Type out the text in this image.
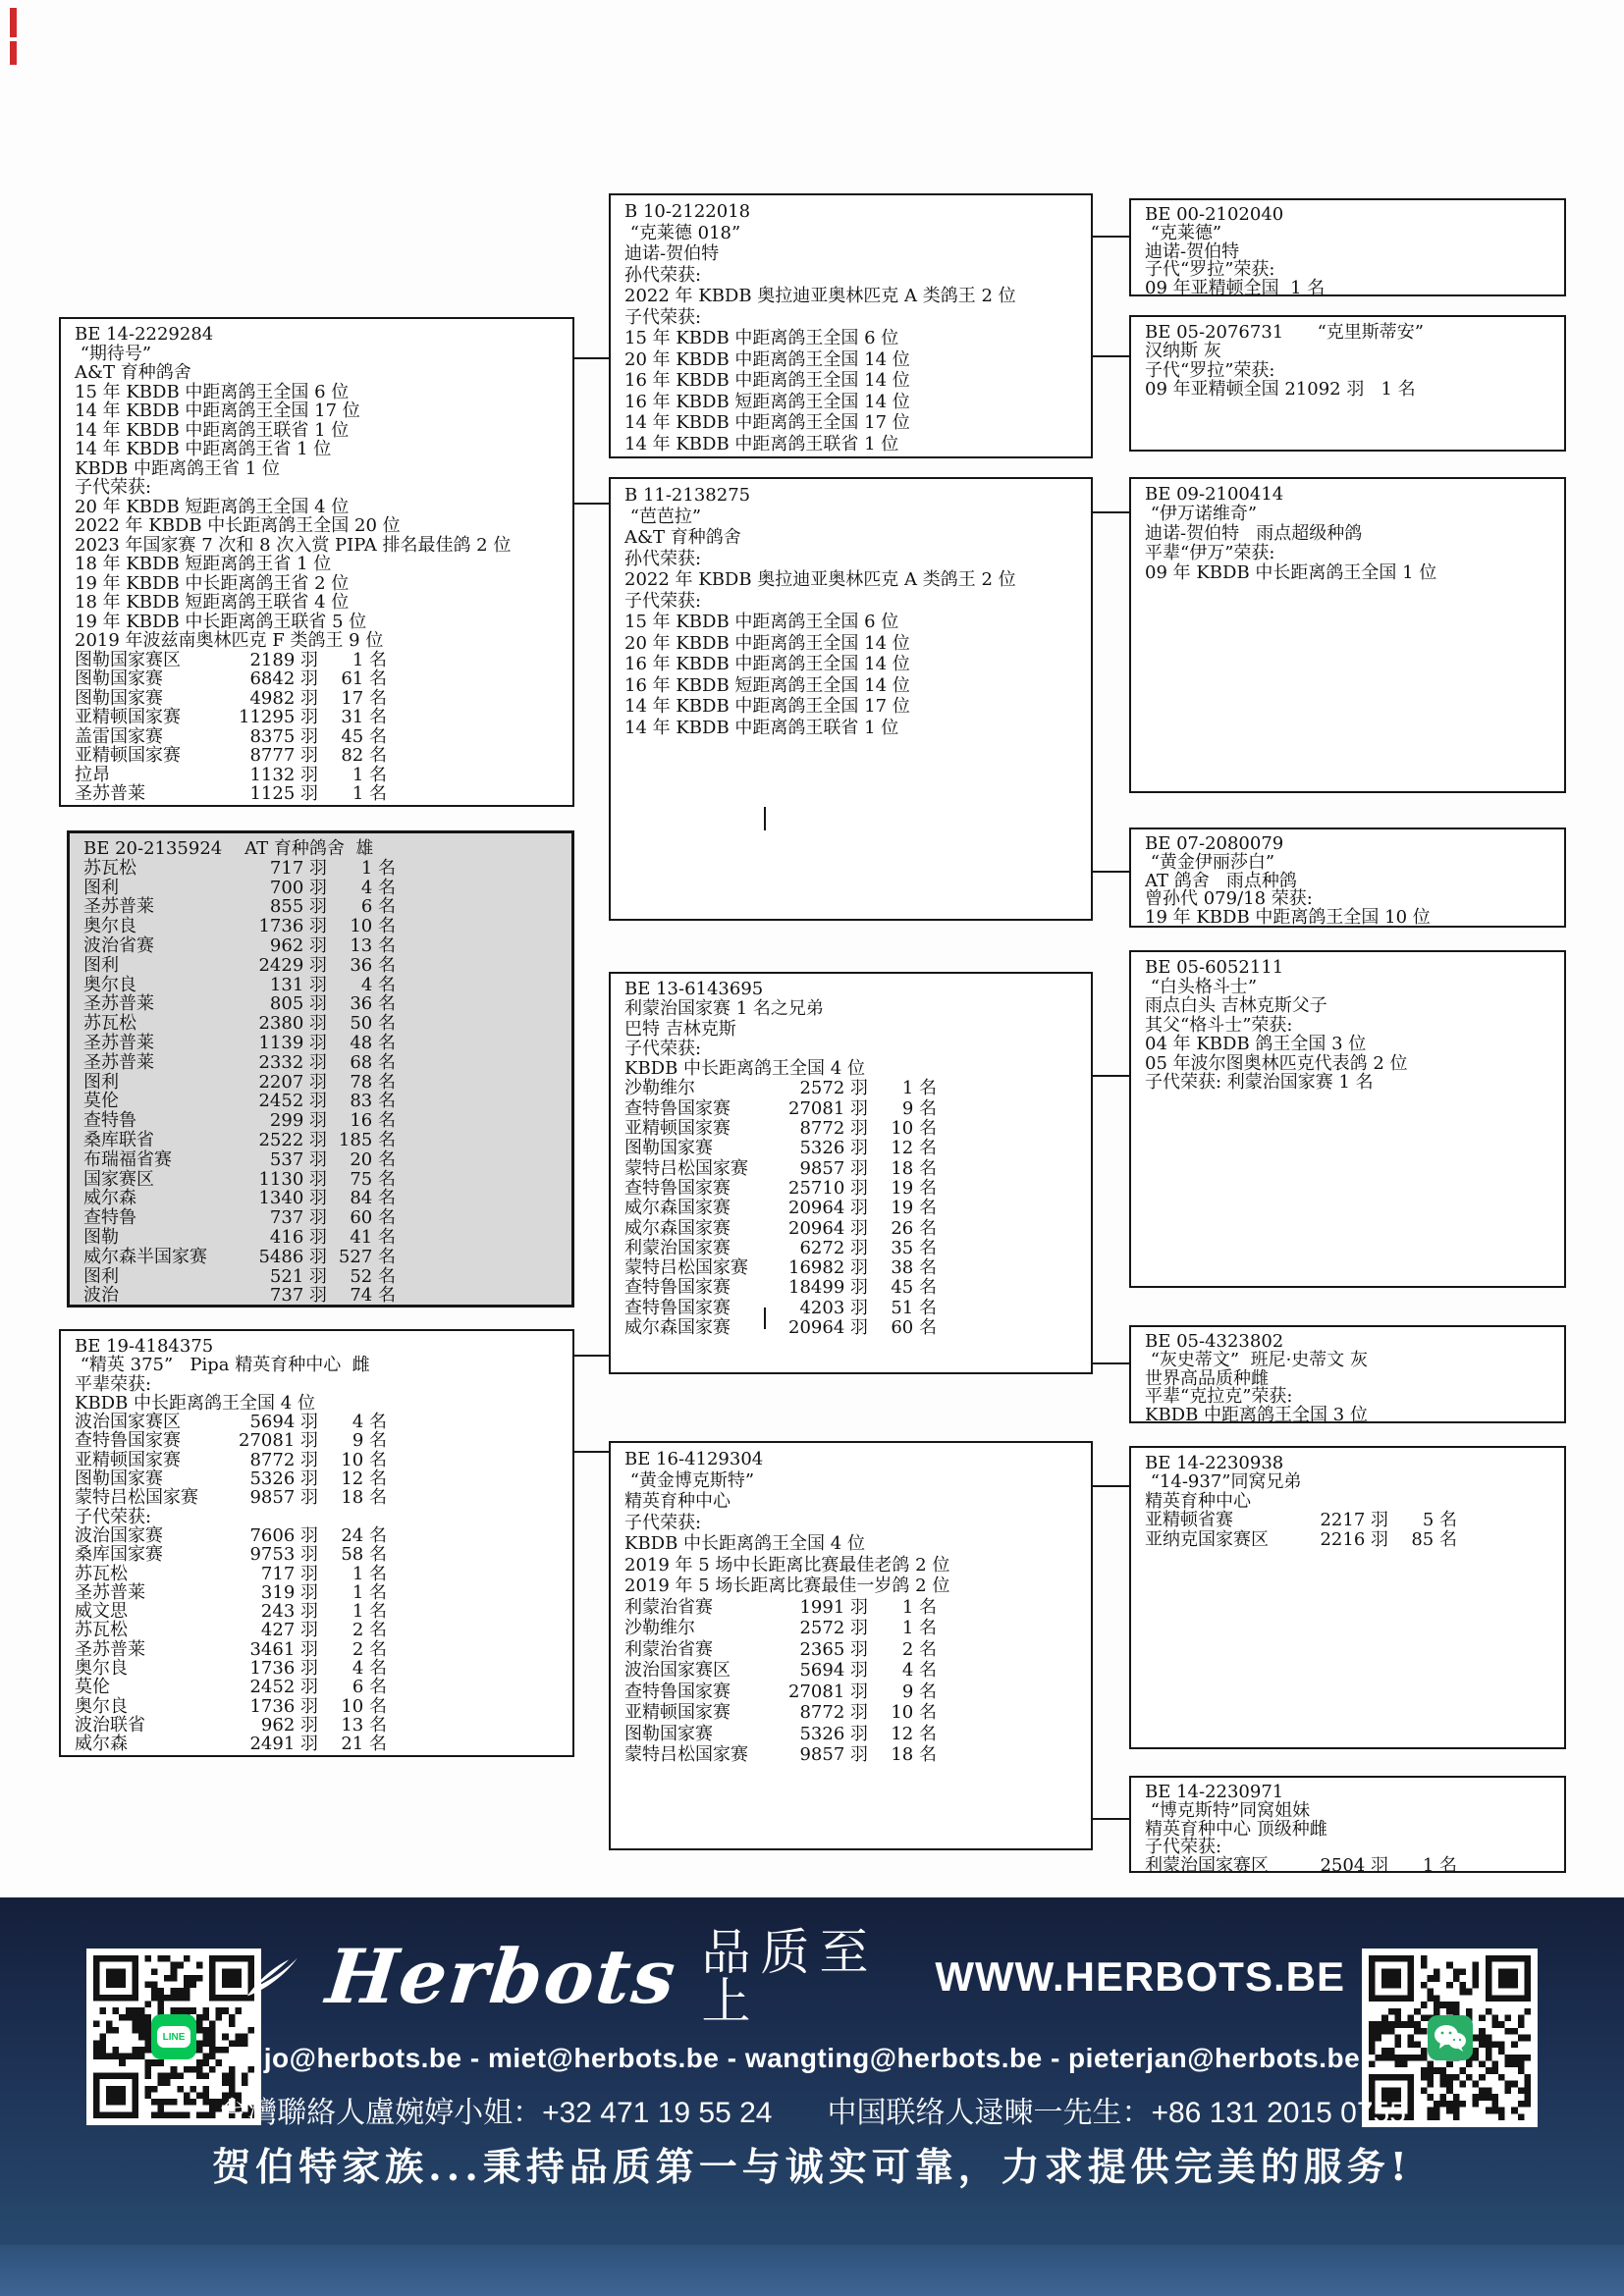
BE 14-2229284
“期待号”
A&T 育种鸽舍
15 年 KBDB 中距离鸽王全国 6 位
14 年 KBDB 中距离鸽王全国 17 位
14 年 KBDB 中距离鸽王联省 1 位
14 年 KBDB 中距离鸽王省 1 位
KBDB 中距离鸽王省 1 位
子代荣获:
20 年 KBDB 短距离鸽王全国 4 位
2022 年 KBDB 中长距离鸽王全国 20 位
2023 年国家赛 7 次和 8 次入赏 PIPA 排名最佳鸽 2 位
18 年 KBDB 短距离鸽王省 1 位
19 年 KBDB 中长距离鸽王省 2 位
18 年 KBDB 短距离鸽王联省 4 位
19 年 KBDB 中长距离鸽王联省 5 位
2019 年波兹南奥林匹克 F 类鸽王 9 位
图勒国家赛区	2189 羽	1 名
图勒国家赛	6842 羽	61 名
图勒国家赛	4982 羽	17 名
亚精顿国家赛	11295 羽	31 名
盖雷国家赛	8375 羽	45 名
亚精顿国家赛	8777 羽	82 名
拉昂	1132 羽	1 名
圣苏普莱	1125 羽	1 名
BE 20-2135924    AT 育种鸽舍  雄
苏瓦松	717 羽	1 名
图利	700 羽	4 名
圣苏普莱	855 羽	6 名
奥尔良	1736 羽	10 名
波治省赛	962 羽	13 名
图利	2429 羽	36 名
奥尔良	131 羽	4 名
圣苏普莱	805 羽	36 名
苏瓦松	2380 羽	50 名
圣苏普莱	1139 羽	48 名
圣苏普莱	2332 羽	68 名
图利	2207 羽	78 名
莫伦	2452 羽	83 名
查特鲁	299 羽	16 名
桑库联省	2522 羽 185 名
布瑞福省赛	537 羽	20 名
国家赛区	1130 羽	75 名
威尔森	1340 羽	84 名
查特鲁	737 羽	60 名
图勒	416 羽	41 名
威尔森半国家赛	5486 羽 527 名
图利	521 羽	52 名
波治	737 羽	74 名
BE 19-4184375
“精英 375”   Pipa 精英育种中心  雌
平辈荣获:
KBDB 中长距离鸽王全国 4 位
波治国家赛区	5694 羽	4 名
查特鲁国家赛	27081 羽	9 名
亚精顿国家赛	8772 羽	10 名
图勒国家赛	5326 羽	12 名
蒙特吕松国家赛	9857 羽	18 名
子代荣获:
波治国家赛	7606 羽	24 名
桑库国家赛	9753 羽	58 名
苏瓦松	717 羽	1 名
圣苏普莱	319 羽	1 名
威文思	243 羽	1 名
苏瓦松	427 羽	2 名
圣苏普莱	3461 羽	2 名
奥尔良	1736 羽	4 名
莫伦	2452 羽	6 名
奥尔良	1736 羽	10 名
波治联省	962 羽	13 名
威尔森	2491 羽	21 名
B 10-2122018
“克莱德 018”
迪诺-贺伯特
孙代荣获:
2022 年 KBDB 奥拉迪亚奥林匹克 A 类鸽王 2 位
子代荣获:
15 年 KBDB 中距离鸽王全国 6 位
20 年 KBDB 中距离鸽王全国 14 位
16 年 KBDB 中距离鸽王全国 14 位
16 年 KBDB 短距离鸽王全国 14 位
14 年 KBDB 中距离鸽王全国 17 位
14 年 KBDB 中距离鸽王联省 1 位
B 11-2138275
“芭芭拉”
A&T 育种鸽舍
孙代荣获:
2022 年 KBDB 奥拉迪亚奥林匹克 A 类鸽王 2 位
子代荣获:
15 年 KBDB 中距离鸽王全国 6 位
20 年 KBDB 中距离鸽王全国 14 位
16 年 KBDB 中距离鸽王全国 14 位
16 年 KBDB 短距离鸽王全国 14 位
14 年 KBDB 中距离鸽王全国 17 位
14 年 KBDB 中距离鸽王联省 1 位
BE 13-6143695
利蒙治国家赛 1 名之兄弟
巴特 吉林克斯
子代荣获:
KBDB 中长距离鸽王全国 4 位
沙勒维尔	2572 羽	1 名
查特鲁国家赛	27081 羽	9 名
亚精顿国家赛	8772 羽	10 名
图勒国家赛	5326 羽	12 名
蒙特吕松国家赛	9857 羽	18 名
查特鲁国家赛	25710 羽	19 名
威尔森国家赛	20964 羽	19 名
威尔森国家赛	20964 羽	26 名
利蒙治国家赛	6272 羽	35 名
蒙特吕松国家赛	16982 羽	38 名
查特鲁国家赛	18499 羽	45 名
查特鲁国家赛	4203 羽	51 名
威尔森国家赛	20964 羽	60 名
BE 16-4129304
“黄金博克斯特”
精英育种中心
子代荣获:
KBDB 中长距离鸽王全国 4 位
2019 年 5 场中长距离比赛最佳老鸽 2 位
2019 年 5 场长距离比赛最佳一岁鸽 2 位
利蒙治省赛	1991 羽	1 名
沙勒维尔	2572 羽	1 名
利蒙治省赛	2365 羽	2 名
波治国家赛区	5694 羽	4 名
查特鲁国家赛	27081 羽	9 名
亚精顿国家赛	8772 羽	10 名
图勒国家赛	5326 羽	12 名
蒙特吕松国家赛	9857 羽	18 名
BE 00-2102040
“克莱德”
迪诺-贺伯特
子代“罗拉”荣获:
09 年亚精顿全国  1 名
BE 05-2076731      “克里斯蒂安”
汉纳斯 灰
子代“罗拉”荣获:
09 年亚精顿全国 21092 羽   1 名
BE 09-2100414
“伊万诺维奇”
迪诺-贺伯特   雨点超级种鸽
平辈“伊万”荣获:
09 年 KBDB 中长距离鸽王全国 1 位
BE 07-2080079
“黄金伊丽莎白”
AT 鸽舍   雨点种鸽
曾孙代 079/18 荣获:
19 年 KBDB 中距离鸽王全国 10 位
BE 05-6052111
“白头格斗士”
雨点白头 吉林克斯父子
其父“格斗士”荣获:
04 年 KBDB 鸽王全国 3 位
05 年波尔图奥林匹克代表鸽 2 位
子代荣获: 利蒙治国家赛 1 名
BE 05-4323802
“灰史蒂文”  班尼·史蒂文 灰
世界高品质种雌
平辈“克拉克”荣获:
KBDB 中距离鸽王全国 3 位
BE 14-2230938
“14-937”同窝兄弟
精英育种中心
亚精顿省赛	2217 羽	5 名
亚纳克国家赛区	2216 羽	85 名
BE 14-2230971
“博克斯特”同窝姐妹
精英育种中心 顶级种雌
子代荣获:
利蒙治国家赛区	2504 羽	1 名
LINE
Herbots 品质至上	WWW.HERBOTS.BE
jo@herbots.be - miet@herbots.be - wangting@herbots.be - pieterjan@herbots.be
台灣聯絡人盧婉婷小姐：+32 471 19 55 24 中国联络人逯暕一先生：+86 131 2015 0755
贺伯特家族...秉持品质第一与诚实可靠，力求提供完美的服务!
